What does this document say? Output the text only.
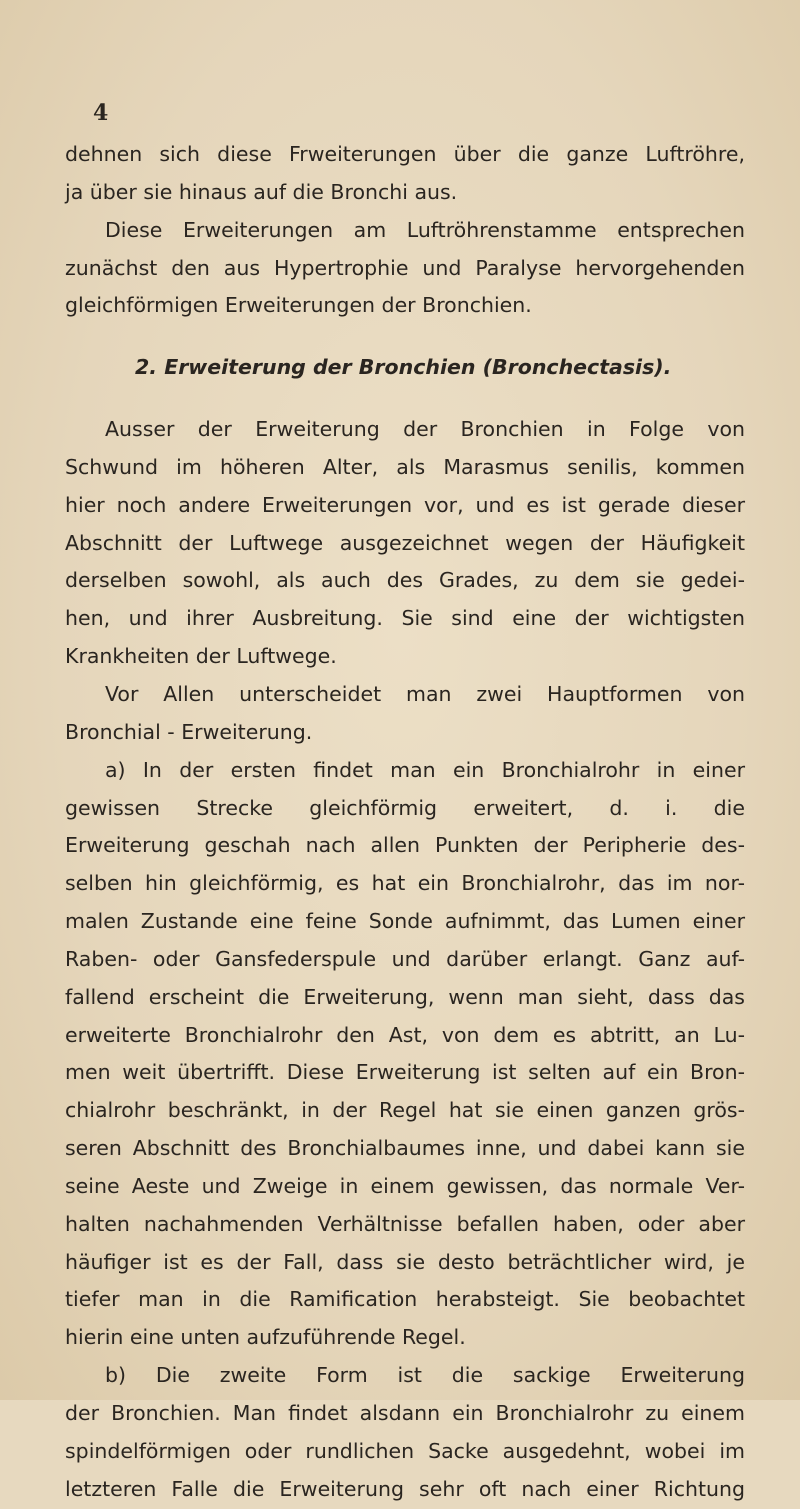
4
dehnen sich diese Frweiterungen über die ganze Luftröhre,
ja über sie hinaus auf die Bronchi aus.
Diese Erweiterungen am Luftröhrenstamme entsprechen
zunächst den aus Hypertrophie und Paralyse hervorgehenden
gleichförmigen Erweiterungen der Bronchien.
2. Erweiterung der Bronchien (Bronchectasis).
Ausser der Erweiterung der Bronchien in Folge von
Schwund im höheren Alter, als Marasmus senilis, kommen
hier noch andere Erweiterungen vor, und es ist gerade dieser
Abschnitt der Luftwege ausgezeichnet wegen der Häufigkeit
derselben sowohl, als auch des Grades, zu dem sie gedei-
hen, und ihrer Ausbreitung. Sie sind eine der wichtigsten
Krankheiten der Luftwege.
Vor Allen unterscheidet man zwei Hauptformen von
Bronchial - Erweiterung.
a) In der ersten findet man ein Bronchialrohr in einer
gewissen Strecke gleichförmig erweitert, d. i. die
Erweiterung geschah nach allen Punkten der Peripherie des-
selben hin gleichförmig, es hat ein Bronchialrohr, das im nor-
malen Zustande eine feine Sonde aufnimmt, das Lumen einer
Raben- oder Gansfederspule und darüber erlangt. Ganz auf-
fallend erscheint die Erweiterung, wenn man sieht, dass das
erweiterte Bronchialrohr den Ast, von dem es abtritt, an Lu-
men weit übertrifft. Diese Erweiterung ist selten auf ein Bron-
chialrohr beschränkt, in der Regel hat sie einen ganzen grös-
seren Abschnitt des Bronchialbaumes inne, und dabei kann sie
seine Aeste und Zweige in einem gewissen, das normale Ver-
halten nachahmenden Verhältnisse befallen haben, oder aber
häufiger ist es der Fall, dass sie desto beträchtlicher wird, je
tiefer man in die Ramification herabsteigt. Sie beobachtet
hierin eine unten aufzuführende Regel.
b) Die zweite Form ist die sackige Erweiterung
der Bronchien. Man findet alsdann ein Bronchialrohr zu einem
spindelförmigen oder rundlichen Sacke ausgedehnt, wobei im
letzteren Falle die Erweiterung sehr oft nach einer Richtung
